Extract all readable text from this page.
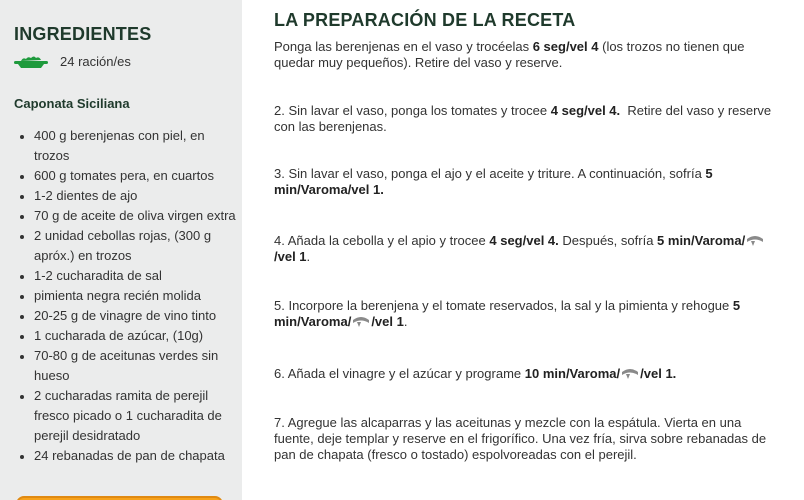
INGREDIENTES
24 ración/es
Caponata Siciliana
400 g berenjenas con piel, en trozos
600 g tomates pera, en cuartos
1-2 dientes de ajo
70 g de aceite de oliva virgen extra
2 unidad cebollas rojas, (300 g apróx.) en trozos
1-2 cucharadita de sal
pimienta negra recién molida
20-25 g de vinagre de vino tinto
1 cucharada de azúcar, (10g)
70-80 g de aceitunas verdes sin hueso
2 cucharadas ramita de perejil fresco picado o 1 cucharadita de perejil desidratado
24 rebanadas de pan de chapata
LA PREPARACIÓN DE LA RECETA

Ponga las berenjenas en el vaso y trocéelas 6 seg/vel 4 (los trozos no tienen que quedar muy pequeños). Retire del vaso y reserve.

2. Sin lavar el vaso, ponga los tomates y trocee 4 seg/vel 4.  Retire del vaso y reserve con las berenjenas.

3. Sin lavar el vaso, ponga el ajo y el aceite y triture. A continuación, sofría 5 min/Varoma/vel 1.

4. Añada la cebolla y el apio y trocee 4 seg/vel 4. Después, sofría 5 min/Varoma//vel 1.

5. Incorpore la berenjena y el tomate reservados, la sal y la pimienta y rehogue 5 min/Varoma/ /vel 1.

6. Añada el vinagre y el azúcar y programe 10 min/Varoma/ /vel 1.

7. Agregue las alcaparras y las aceitunas y mezcle con la espátula. Vierta en una fuente, deje templar y reserve en el frigorífico. Una vez fría, sirva sobre rebanadas de pan de chapata (fresco o tostado) espolvoreadas con el perejil.
